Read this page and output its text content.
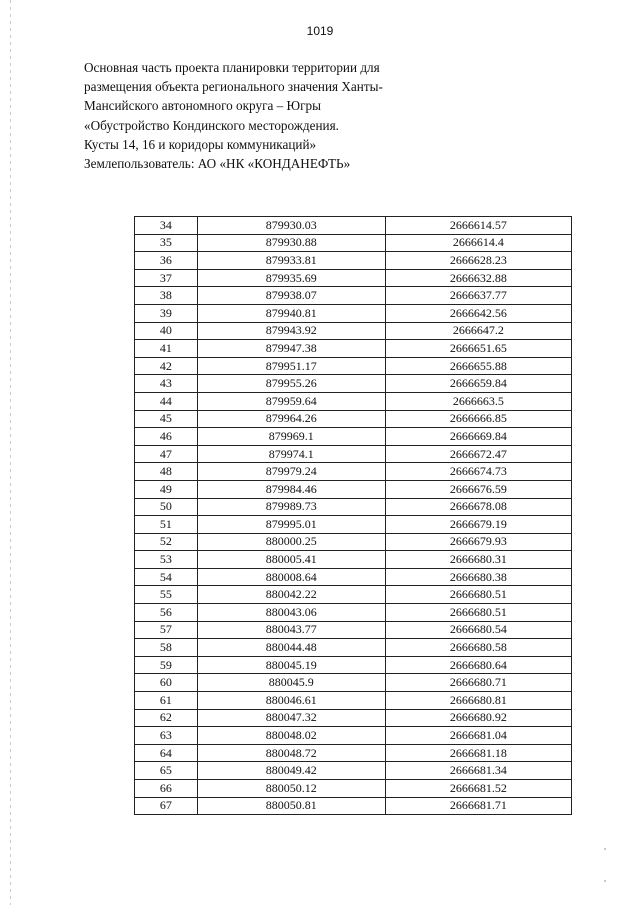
1019
Основная часть проекта планировки территории для
размещения объекта регионального значения Ханты-
Мансийского автономного округа – Югры
«Обустройство Кондинского месторождения.
Кусты 14, 16 и коридоры коммуникаций»
Землепользователь: АО «НК «КОНДАНЕФТЬ»
34	879930.03	2666614.57
35	879930.88	2666614.4
36	879933.81	2666628.23
37	879935.69	2666632.88
38	879938.07	2666637.77
39	879940.81	2666642.56
40	879943.92	2666647.2
41	879947.38	2666651.65
42	879951.17	2666655.88
43	879955.26	2666659.84
44	879959.64	2666663.5
45	879964.26	2666666.85
46	879969.1	2666669.84
47	879974.1	2666672.47
48	879979.24	2666674.73
49	879984.46	2666676.59
50	879989.73	2666678.08
51	879995.01	2666679.19
52	880000.25	2666679.93
53	880005.41	2666680.31
54	880008.64	2666680.38
55	880042.22	2666680.51
56	880043.06	2666680.51
57	880043.77	2666680.54
58	880044.48	2666680.58
59	880045.19	2666680.64
60	880045.9	2666680.71
61	880046.61	2666680.81
62	880047.32	2666680.92
63	880048.02	2666681.04
64	880048.72	2666681.18
65	880049.42	2666681.34
66	880050.12	2666681.52
67	880050.81	2666681.71
